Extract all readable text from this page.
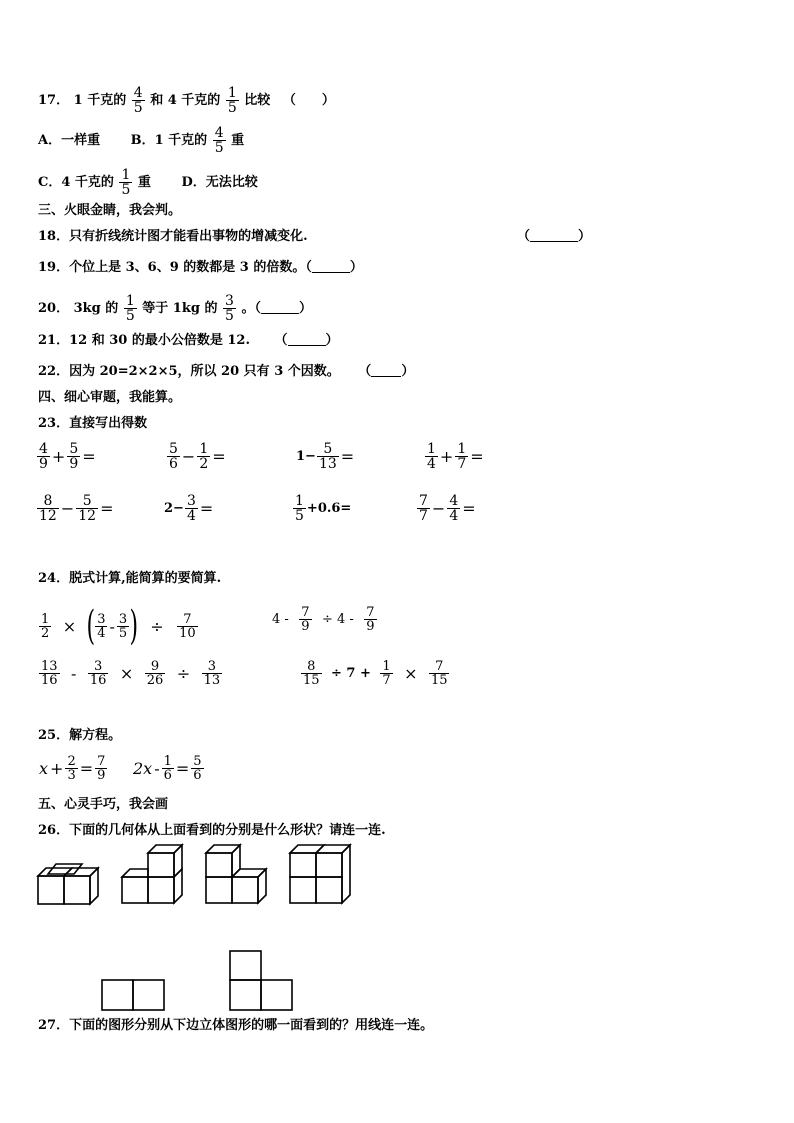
17． 1 千克的 $\frac{4}{5}$ 和 4 千克的 $\frac{1}{5}$ 比较 （　　）
A．一样重 B．1 千克的 $\frac{4}{5}$ 重
C．4 千克的 $\frac{1}{5}$ 重 D．无法比较
三、火眼金睛，我会判。
18．只有折线统计图才能看出事物的增减变化.	（	）
19．个位上是 3、6、9 的数都是 3 的倍数。（	）
20． 3kg 的 $\frac{1}{5}$ 等于 1kg 的 $\frac{3}{5}$ 。（	）
21．12 和 30 的最小公倍数是 12. （	）
22．因为 20=2×2×5，所以 20 只有 3 个因数。 （ ）
四、细心审题，我能算。
23．直接写出得数
$\frac{4}{9} + \frac{5}{9}$ =	$\frac{5}{6} - \frac{1}{2}$ =	$1- \frac{5}{13}$ =	$\frac{1}{4} + \frac{1}{7}$ =
$\frac{8}{12} - \frac{5}{12}$ =	$2- \frac{3}{4}$ =	$\frac{1}{5} +0.6=$	$\frac{7}{7} - \frac{4}{4}$ =
24．脱式计算,能简算的要简算.
$\frac{1}{2}$ × ( $\frac{3}{4} - \frac{3}{5}$ ) ÷ $\frac{7}{10}$	$4 - \frac{7}{9} \div 4 - \frac{7}{9}$
$\frac{13}{16} - \frac{3}{16} \times \frac{9}{26} \div \frac{3}{13}$	$\frac{8}{15} \div 7 + \frac{1}{7} \times \frac{7}{15}$
25．解方程。
$x + \frac{2}{3} = \frac{7}{9} 2x - \frac{1}{6} = \frac{5}{6}$
五、心灵手巧，我会画
26．下面的几何体从上面看到的分别是什么形状？请连一连.
27．下面的图形分别从下边立体图形的哪一面看到的？用线连一连。
